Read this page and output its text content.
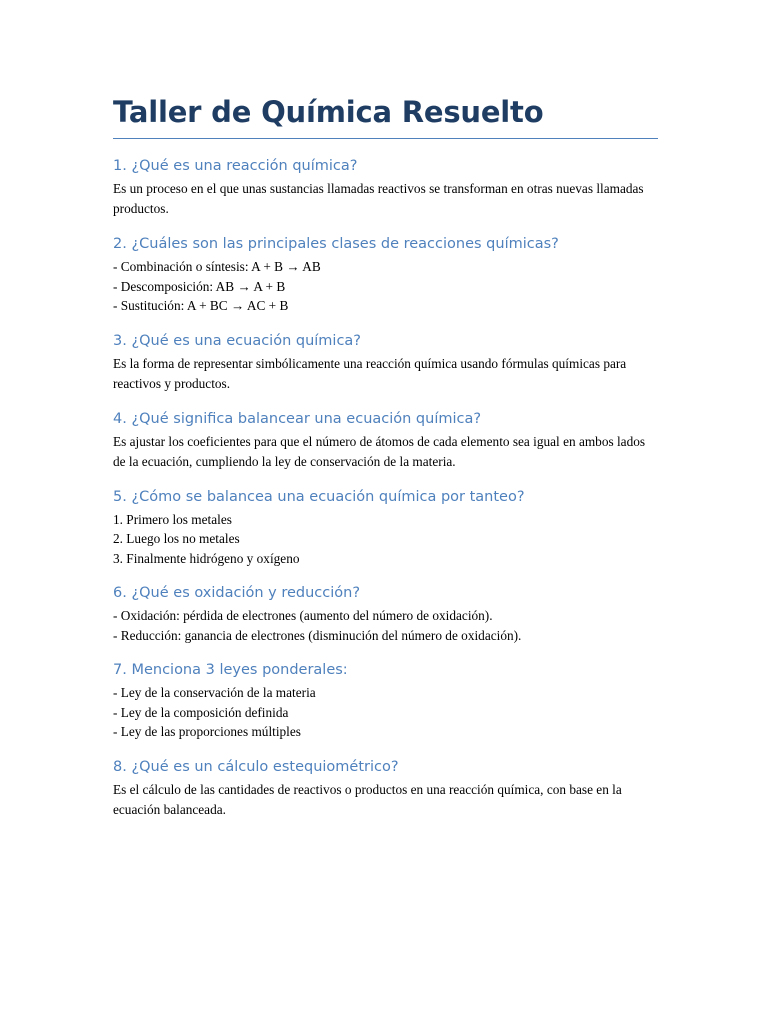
Taller de Química Resuelto
1. ¿Qué es una reacción química?

Es un proceso en el que unas sustancias llamadas reactivos se transforman en otras nuevas llamadas productos.

2. ¿Cuáles son las principales clases de reacciones químicas?

- Combinación o síntesis: A + B → AB

- Descomposición: AB → A + B

- Sustitución: A + BC → AC + B

3. ¿Qué es una ecuación química?

Es la forma de representar simbólicamente una reacción química usando fórmulas químicas para reactivos y productos.

4. ¿Qué significa balancear una ecuación química?

Es ajustar los coeficientes para que el número de átomos de cada elemento sea igual en ambos lados de la ecuación, cumpliendo la ley de conservación de la materia.

5. ¿Cómo se balancea una ecuación química por tanteo?

1. Primero los metales

2. Luego los no metales

3. Finalmente hidrógeno y oxígeno

6. ¿Qué es oxidación y reducción?

- Oxidación: pérdida de electrones (aumento del número de oxidación).

- Reducción: ganancia de electrones (disminución del número de oxidación).

7. Menciona 3 leyes ponderales:

- Ley de la conservación de la materia

- Ley de la composición definida

- Ley de las proporciones múltiples

8. ¿Qué es un cálculo estequiométrico?

Es el cálculo de las cantidades de reactivos o productos en una reacción química, con base en la ecuación balanceada.
